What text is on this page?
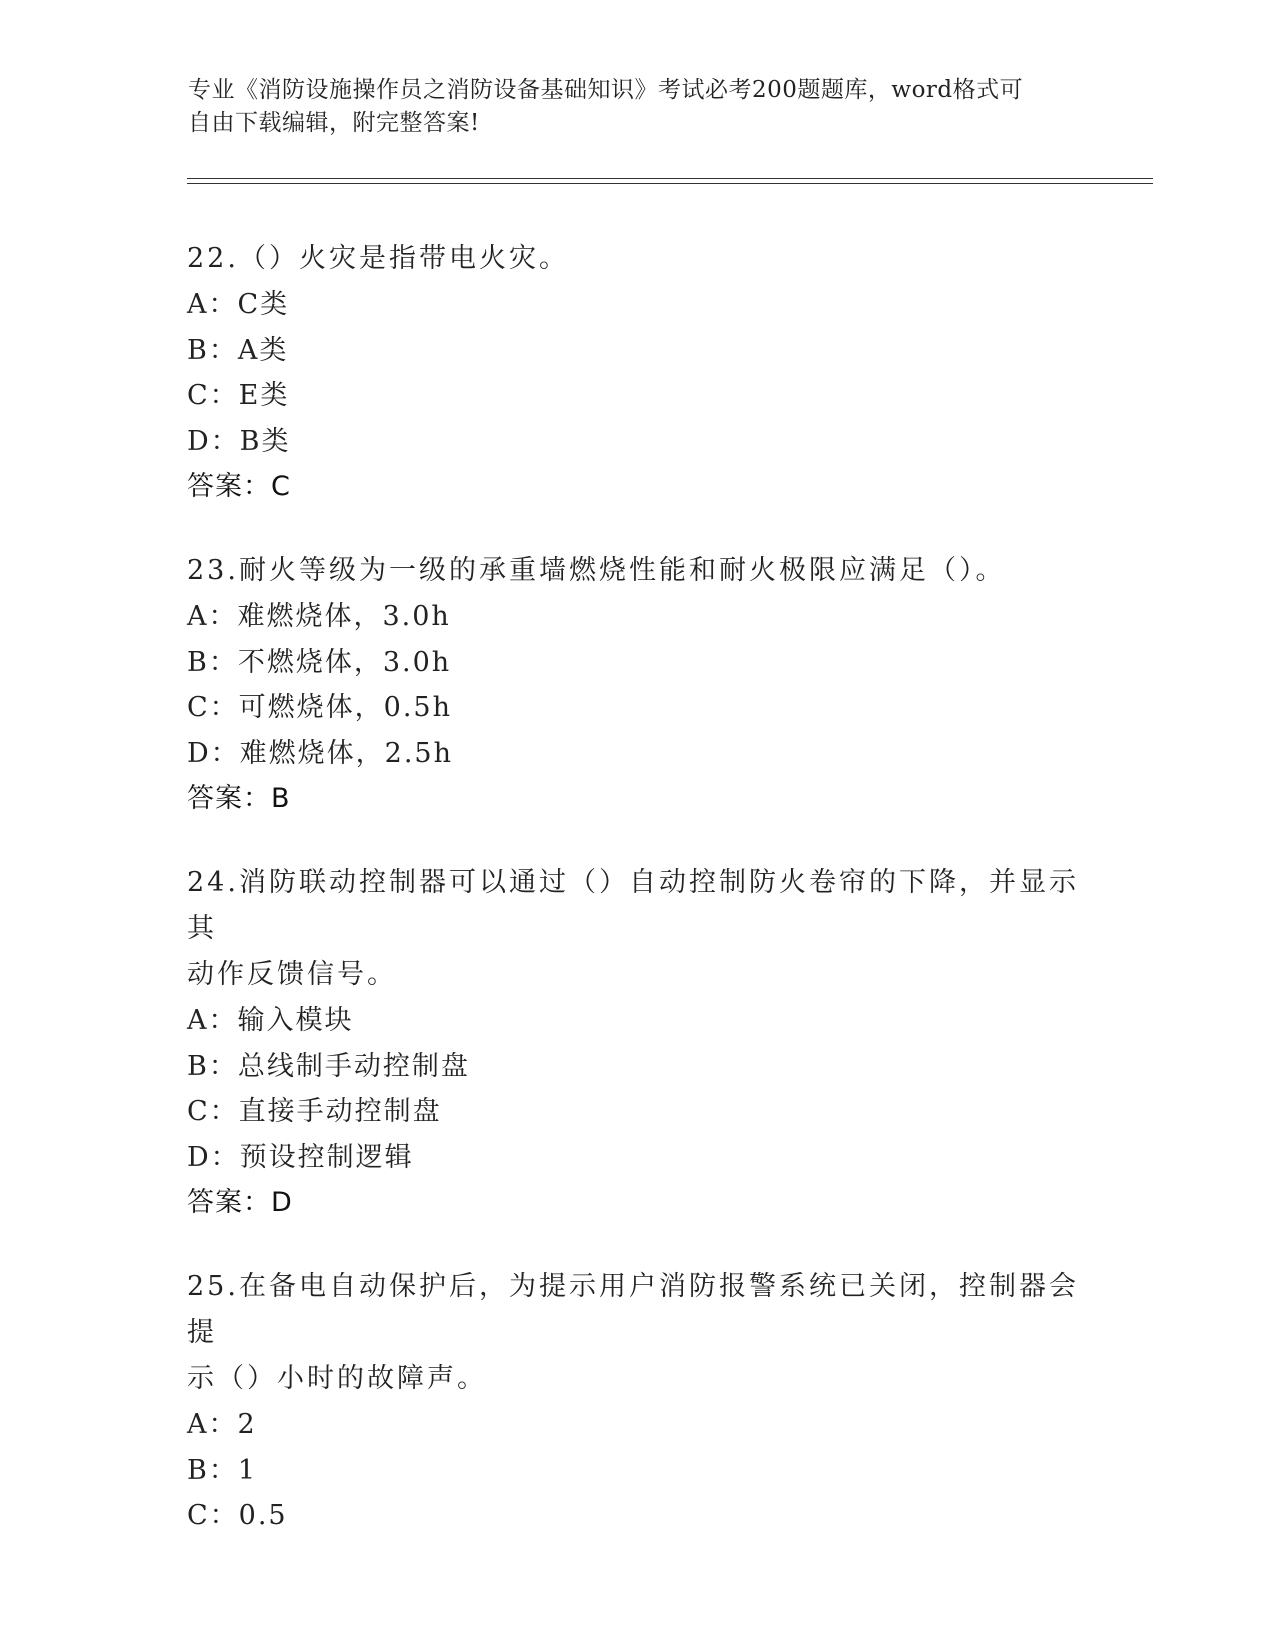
专业《消防设施操作员之消防设备基础知识》考试必考200题题库，word格式可
自由下载编辑，附完整答案!
22.（）火灾是指带电火灾。
A：C类
B：A类
C：E类
D：B类
答案：C
23.耐火等级为一级的承重墙燃烧性能和耐火极限应满足（）。
A：难燃烧体，3.0h
B：不燃烧体，3.0h
C：可燃烧体，0.5h
D：难燃烧体，2.5h
答案：B
24.消防联动控制器可以通过（）自动控制防火卷帘的下降，并显示其
动作反馈信号。
A：输入模块
B：总线制手动控制盘
C：直接手动控制盘
D：预设控制逻辑
答案：D
25.在备电自动保护后，为提示用户消防报警系统已关闭，控制器会提
示（）小时的故障声。
A：2
B：1
C：0.5
